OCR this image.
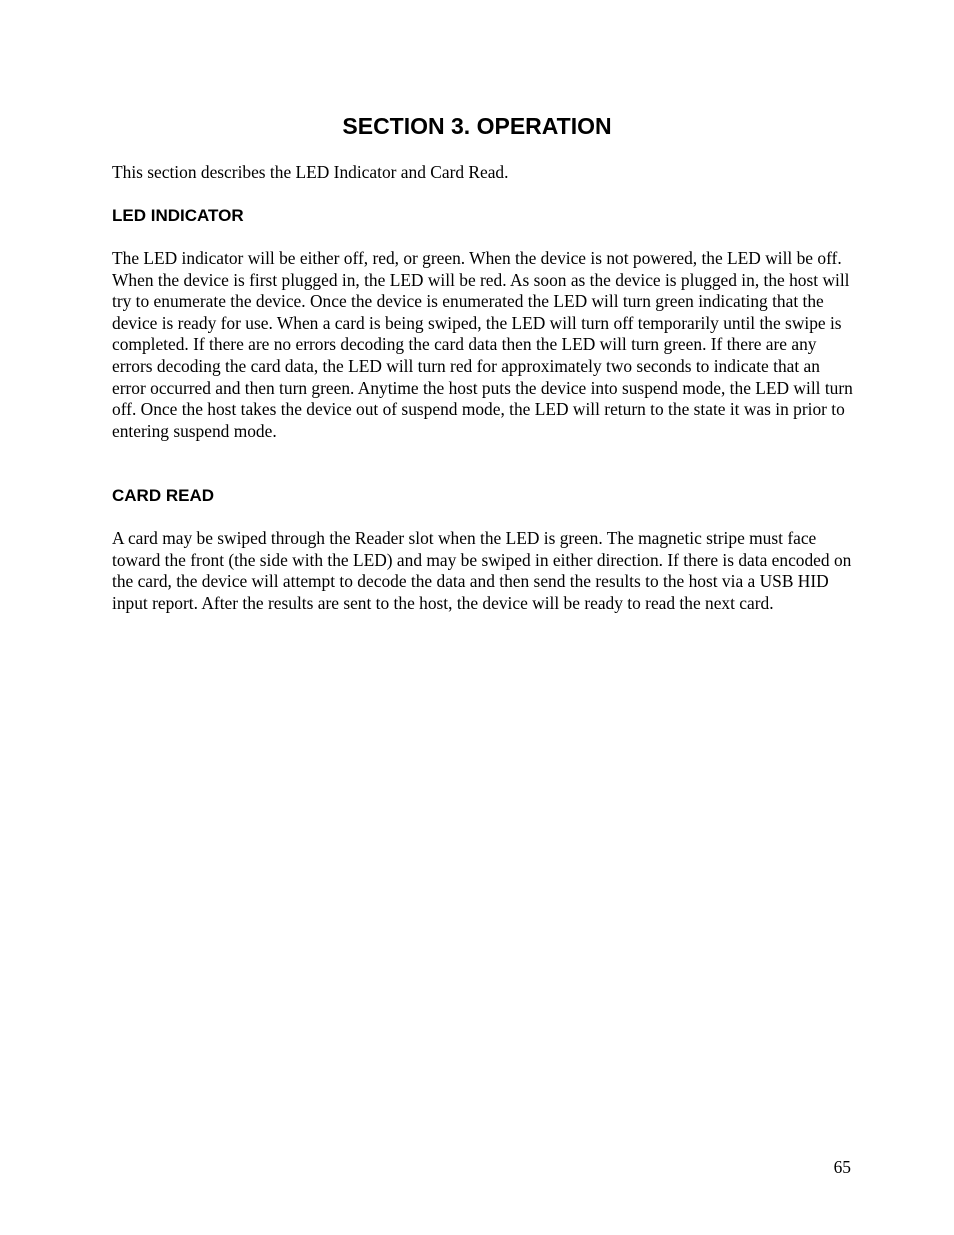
SECTION 3. OPERATION

This section describes the LED Indicator and Card Read.

LED INDICATOR

The LED indicator will be either off, red, or green. When the device is not powered, the LED will be off. When the device is first plugged in, the LED will be red. As soon as the device is plugged in, the host will try to enumerate the device. Once the device is enumerated the LED will turn green indicating that the device is ready for use. When a card is being swiped, the LED will turn off temporarily until the swipe is completed. If there are no errors decoding the card data then the LED will turn green. If there are any errors decoding the card data, the LED will turn red for approximately two seconds to indicate that an error occurred and then turn green. Anytime the host puts the device into suspend mode, the LED will turn off. Once the host takes the device out of suspend mode, the LED will return to the state it was in prior to entering suspend mode.

CARD READ

A card may be swiped through the Reader slot when the LED is green. The magnetic stripe must face toward the front (the side with the LED) and may be swiped in either direction. If there is data encoded on the card, the device will attempt to decode the data and then send the results to the host via a USB HID input report. After the results are sent to the host, the device will be ready to read the next card.

65
